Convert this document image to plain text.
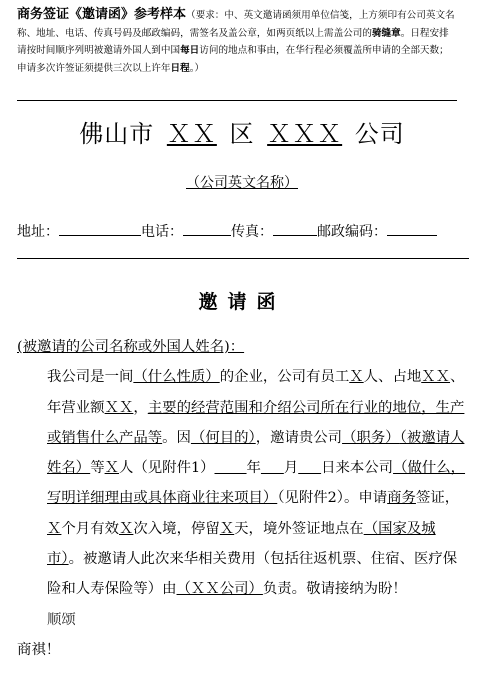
商务签证《邀请函》参考样本（要求：中、英文邀请函须用单位信笺，上方须印有公司英文名称、地址、电话、传真号码及邮政编码，需签名及盖公章，如两页纸以上需盖公司的骑缝章。日程安排请按时间顺序列明被邀请外国人到中国每日访问的地点和事由，在华行程必须覆盖所申请的全部天数；申请多次许签证须提供三次以上许年日程。）
佛山市 ＸＸ 区 ＸＸＸ 公司
（公司英文名称）
地址：	电话：	传真：	邮政编码：
邀请函

(被邀请的公司名称或外国人姓名)：

我公司是一间（什么性质）的企业，公司有员工Ｘ人、占地ＸＸ、年营业额ＸＸ，主要的经营范围和介绍公司所在行业的地位，生产或销售什么产品等。因（何目的），邀请贵公司（职务）（被邀请人姓名）等Ｘ人（见附件1） 年 月 日来本公司（做什么，写明详细理由或具体商业往来项目）（见附件2）。申请商务签证，Ｘ个月有效Ｘ次入境，停留Ｘ天，境外签证地点在（国家及城市）。被邀请人此次来华相关费用（包括往返机票、住宿、医疗保险和人寿保险等）由（ＸＸ公司）负责。敬请接纳为盼！

顺颂

商祺！
